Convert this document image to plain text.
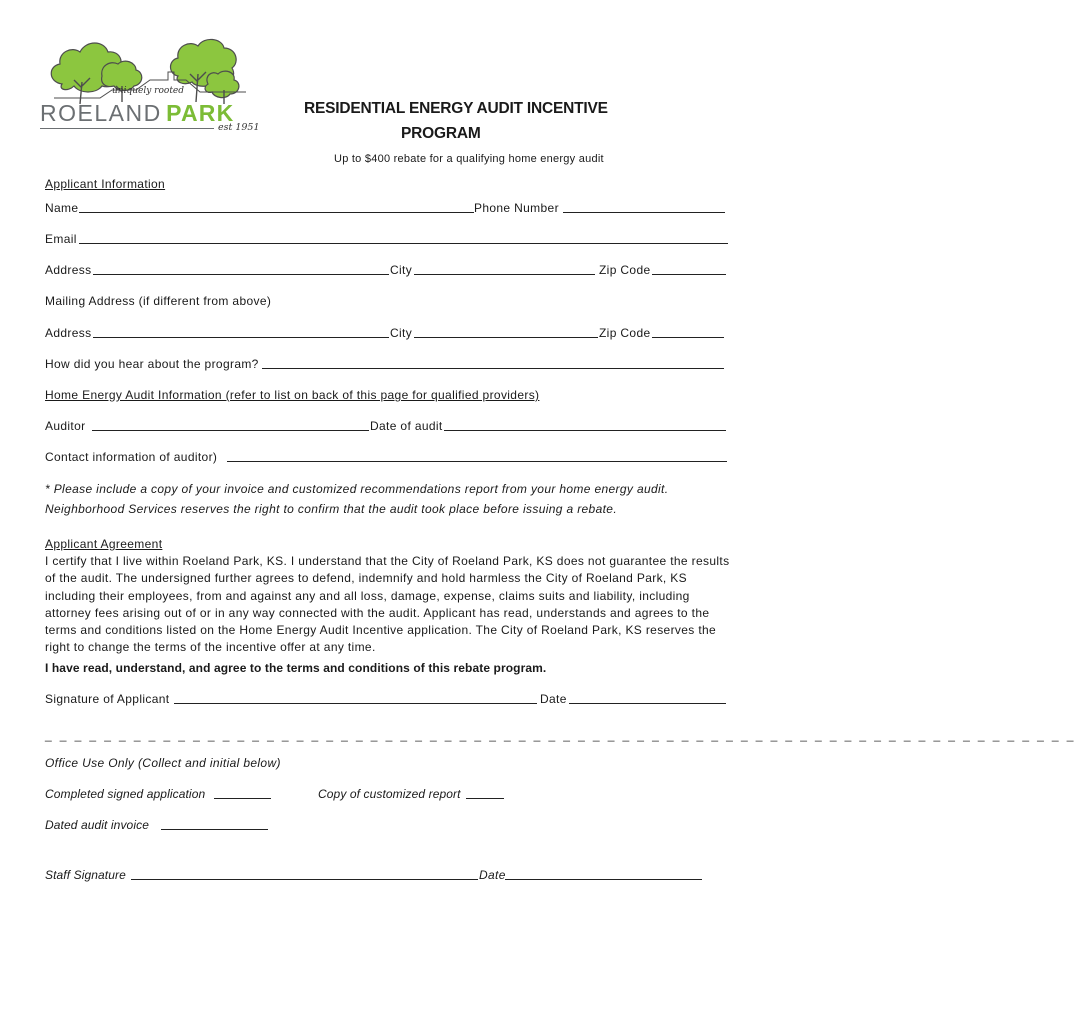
uniquely rooted
ROELAND PARK
est 1951
RESIDENTIAL ENERGY AUDIT INCENTIVE
PROGRAM
Up to $400 rebate for a qualifying home energy audit
Applicant Information
Name	Phone Number
Email
Address	City	Zip Code
Mailing Address (if different from above)
Address	City	Zip Code
How did you hear about the program?
Home Energy Audit Information (refer to list on back of this page for qualified providers)
Auditor	Date of audit
Contact information of auditor)
* Please include a copy of your invoice and customized recommendations report from your home energy audit.
Neighborhood Services reserves the right to confirm that the audit took place before issuing a rebate.
Applicant Agreement
I certify that I live within Roeland Park, KS. I understand that the City of Roeland Park, KS does not guarantee the results of the audit. The undersigned further agrees to defend, indemnify and hold harmless the City of Roeland Park, KS including their employees, from and against any and all loss, damage, expense, claims suits and liability, including attorney fees arising out of or in any way connected with the audit. Applicant has read, understands and agrees to the terms and conditions listed on the Home Energy Audit Incentive application. The City of Roeland Park, KS reserves the right to change the terms of the incentive offer at any time.
I have read, understand, and agree to the terms and conditions of this rebate program.
Signature of Applicant	Date
_ _ _ _ _ _ _ _ _ _ _ _ _ _ _ _ _ _ _ _ _ _ _ _ _ _ _ _ _ _ _ _ _ _ _ _ _ _ _ _ _ _ _ _ _ _ _ _ _ _ _ _ _ _ _ _ _ _ _ _ _ _ _ _ _ _ _ _ _ _
Office Use Only (Collect and initial below)
Completed signed application	Copy of customized report
Dated audit invoice
Staff Signature	Date
